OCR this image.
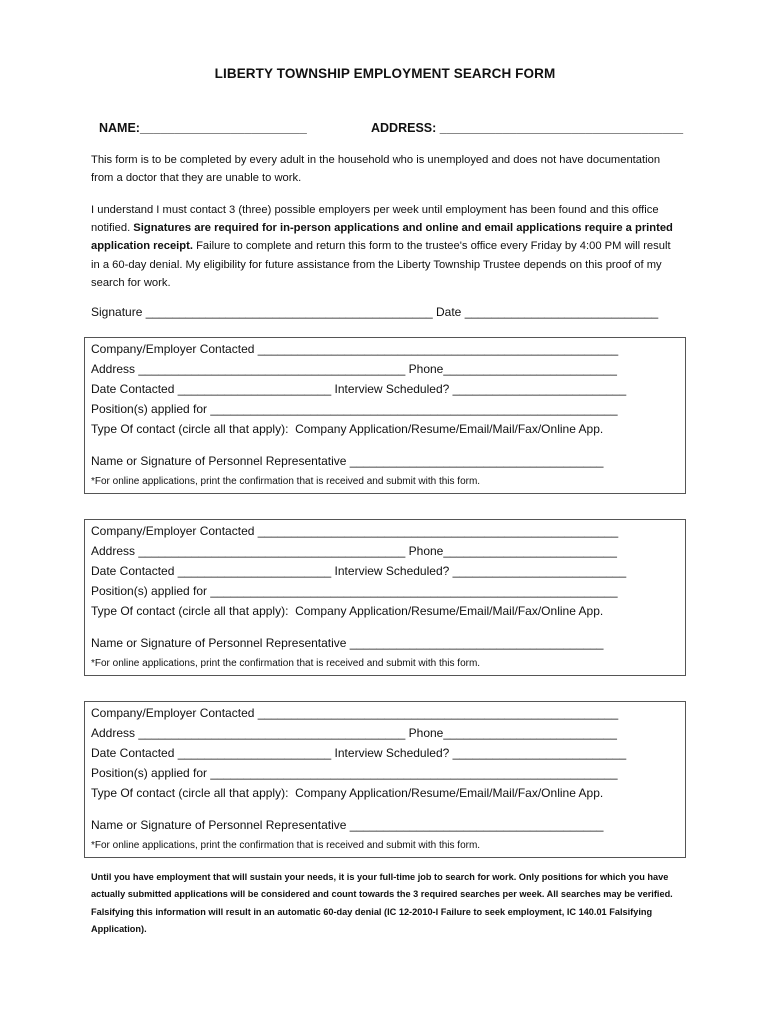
LIBERTY TOWNSHIP EMPLOYMENT SEARCH FORM
NAME:________________________	ADDRESS: ___________________________________
This form is to be completed by every adult in the household who is unemployed and does not have documentation from a doctor that they are unable to work.
I understand I must contact 3 (three) possible employers per week until employment has been found and this office notified. Signatures are required for in-person applications and online and email applications require a printed application receipt. Failure to complete and return this form to the trustee's office every Friday by 4:00 PM will result in a 60-day denial. My eligibility for future assistance from the Liberty Township Trustee depends on this proof of my search for work.
Signature ___________________________________________ Date _____________________________
Company/Employer Contacted ______________________________________________________
Address ________________________________________ Phone__________________________
Date Contacted _______________________ Interview Scheduled? __________________________
Position(s) applied for _____________________________________________________________
Type Of contact (circle all that apply):  Company Application/Resume/Email/Mail/Fax/Online App.
Name or Signature of Personnel Representative ______________________________________
*For online applications, print the confirmation that is received and submit with this form.
Company/Employer Contacted ______________________________________________________
Address ________________________________________ Phone__________________________
Date Contacted _______________________ Interview Scheduled? __________________________
Position(s) applied for _____________________________________________________________
Type Of contact (circle all that apply):  Company Application/Resume/Email/Mail/Fax/Online App.
Name or Signature of Personnel Representative ______________________________________
*For online applications, print the confirmation that is received and submit with this form.
Company/Employer Contacted ______________________________________________________
Address ________________________________________ Phone__________________________
Date Contacted _______________________ Interview Scheduled? __________________________
Position(s) applied for _____________________________________________________________
Type Of contact (circle all that apply):  Company Application/Resume/Email/Mail/Fax/Online App.
Name or Signature of Personnel Representative ______________________________________
*For online applications, print the confirmation that is received and submit with this form.
Until you have employment that will sustain your needs, it is your full-time job to search for work. Only positions for which you have actually submitted applications will be considered and count towards the 3 required searches per week. All searches may be verified. Falsifying this information will result in an automatic 60-day denial (IC 12-2010-I Failure to seek employment, IC 140.01 Falsifying Application).
